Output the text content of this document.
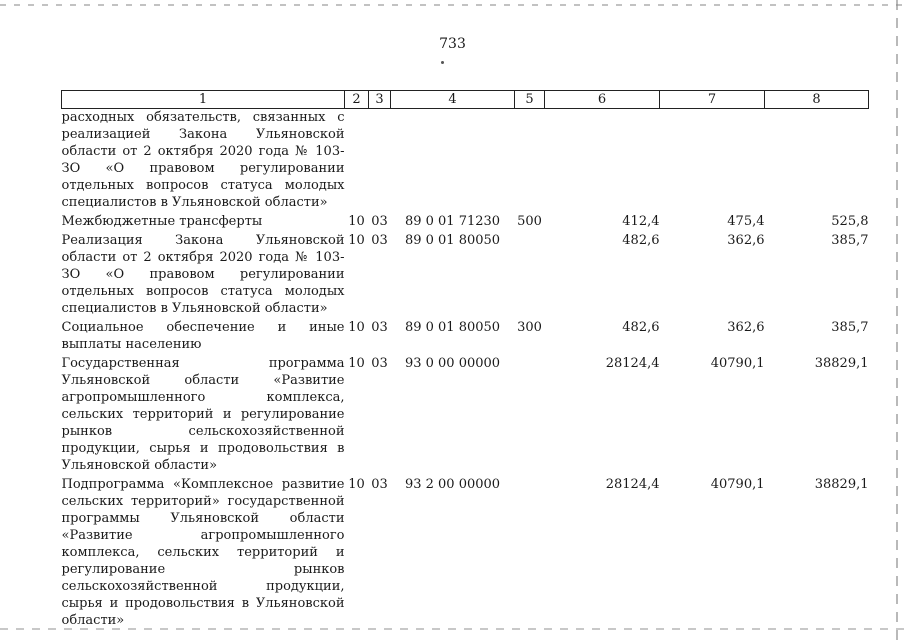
733
1	2	3	4	5	6	7	8
расходных обязательств, связанных с реализацией Закона Ульяновской области от 2 октября 2020 года № 103-ЗО «О правовом регулировании отдельных вопросов статуса молодых специалистов в Ульяновской области»							
Межбюджетные трансферты	10	03	89 0 01 71230	500	412,4	475,4	525,8
Реализация Закона Ульяновской области от 2 октября 2020 года № 103-ЗО «О правовом регулировании отдельных вопросов статуса молодых специалистов в Ульяновской области»	10	03	89 0 01 80050		482,6	362,6	385,7
Социальное обеспечение и иные выплаты населению	10	03	89 0 01 80050	300	482,6	362,6	385,7
Государственная программа Ульяновской области «Развитие агропромышленного комплекса, сельских территорий и регулирование рынков сельскохозяйственной продукции, сырья и продовольствия в Ульяновской области»	10	03	93 0 00 00000		28124,4	40790,1	38829,1
Подпрограмма «Комплексное развитие сельских территорий» государственной программы Ульяновской области «Развитие агропромышленного комплекса, сельских территорий и регулирование рынков сельскохозяйственной продукции, сырья и продовольствия в Ульяновской области»	10	03	93 2 00 00000		28124,4	40790,1	38829,1
